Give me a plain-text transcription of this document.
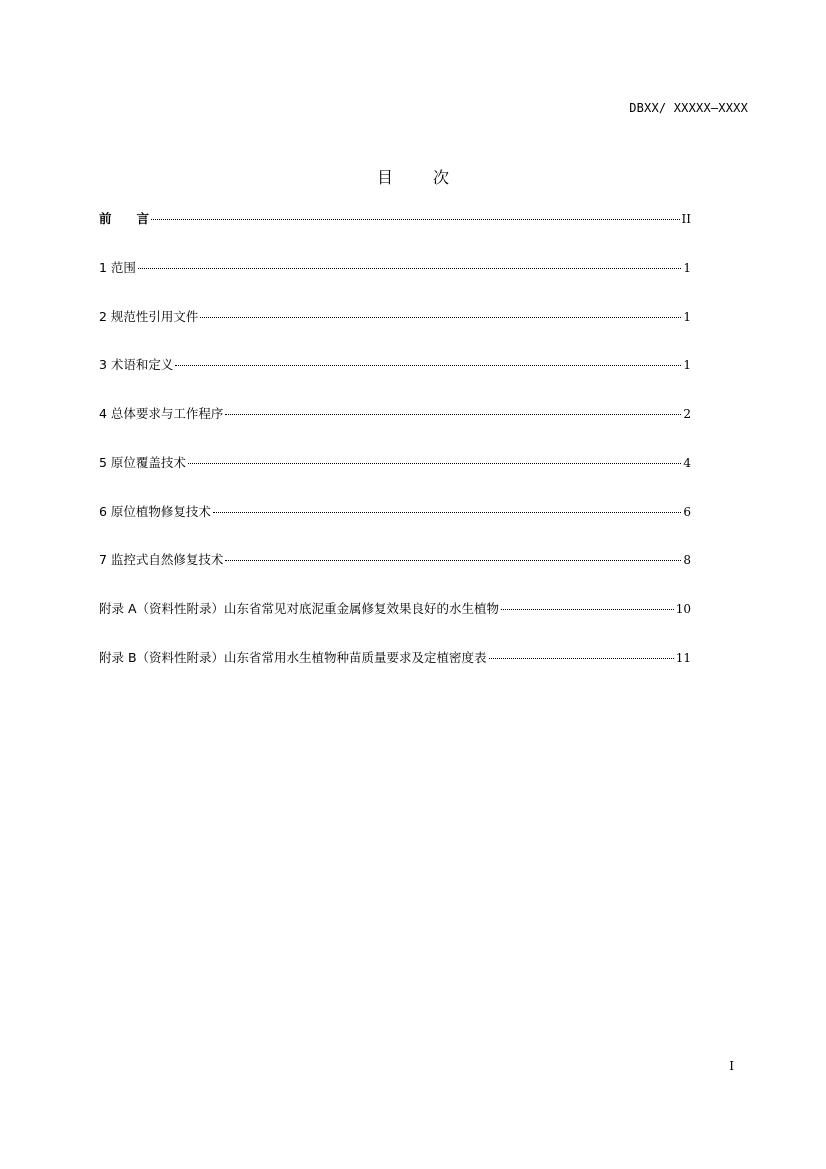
DBXX/ XXXXX—XXXX
目	次
前　　言	II
1 范围	1
2 规范性引用文件	1
3 术语和定义	1
4 总体要求与工作程序	2
5 原位覆盖技术	4
6 原位植物修复技术	6
7 监控式自然修复技术	8
附录 A（资料性附录）山东省常见对底泥重金属修复效果良好的水生植物	10
附录 B（资料性附录）山东省常用水生植物种苗质量要求及定植密度表	11
I
